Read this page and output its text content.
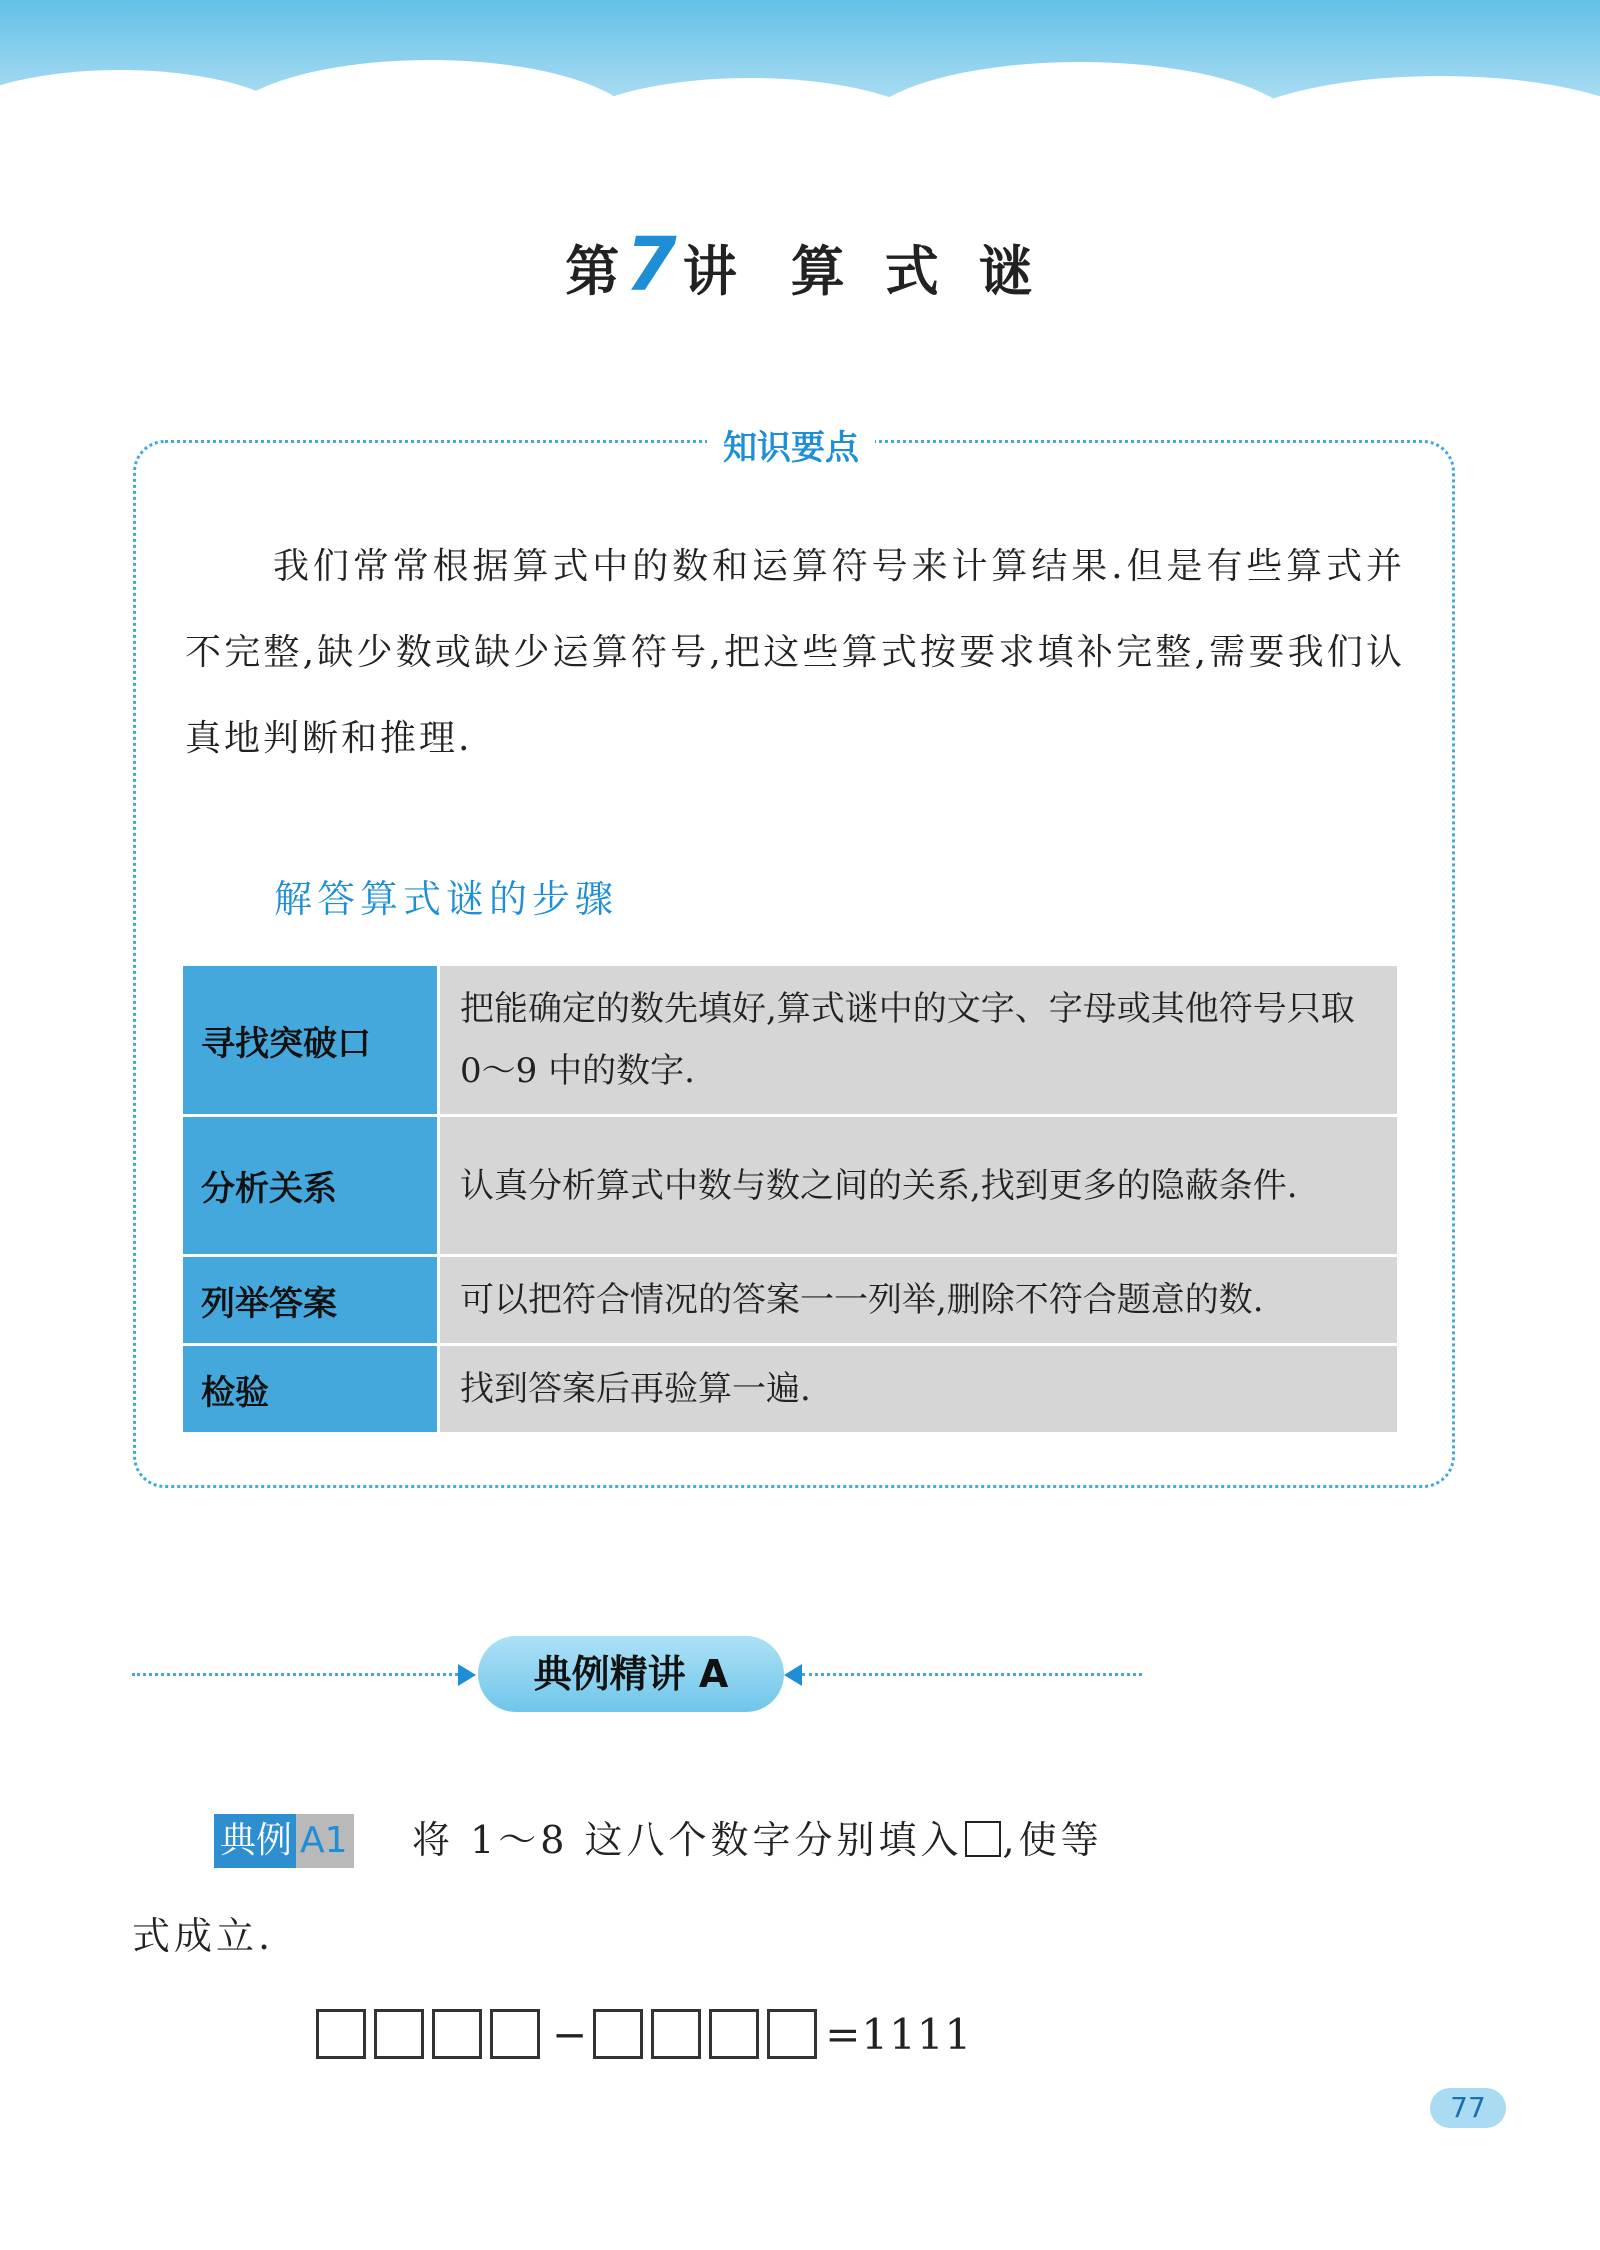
第7讲 算 式 谜
知识要点
我们常常根据算式中的数和运算符号来计算结果.但是有些算式并不完整,缺少数或缺少运算符号,把这些算式按要求填补完整,需要我们认真地判断和推理.
解答算式谜的步骤
寻找突破口	把能确定的数先填好,算式谜中的文字、字母或其他符号只取 0～9 中的数字.
分析关系	认真分析算式中数与数之间的关系,找到更多的隐蔽条件.
列举答案	可以把符合情况的答案一一列举,删除不符合题意的数.
检验	找到答案后再验算一遍.
典例精讲 A
典例 A1 将 1～8 这八个数字分别填入 ,使等
式成立.
−	=1111
77
